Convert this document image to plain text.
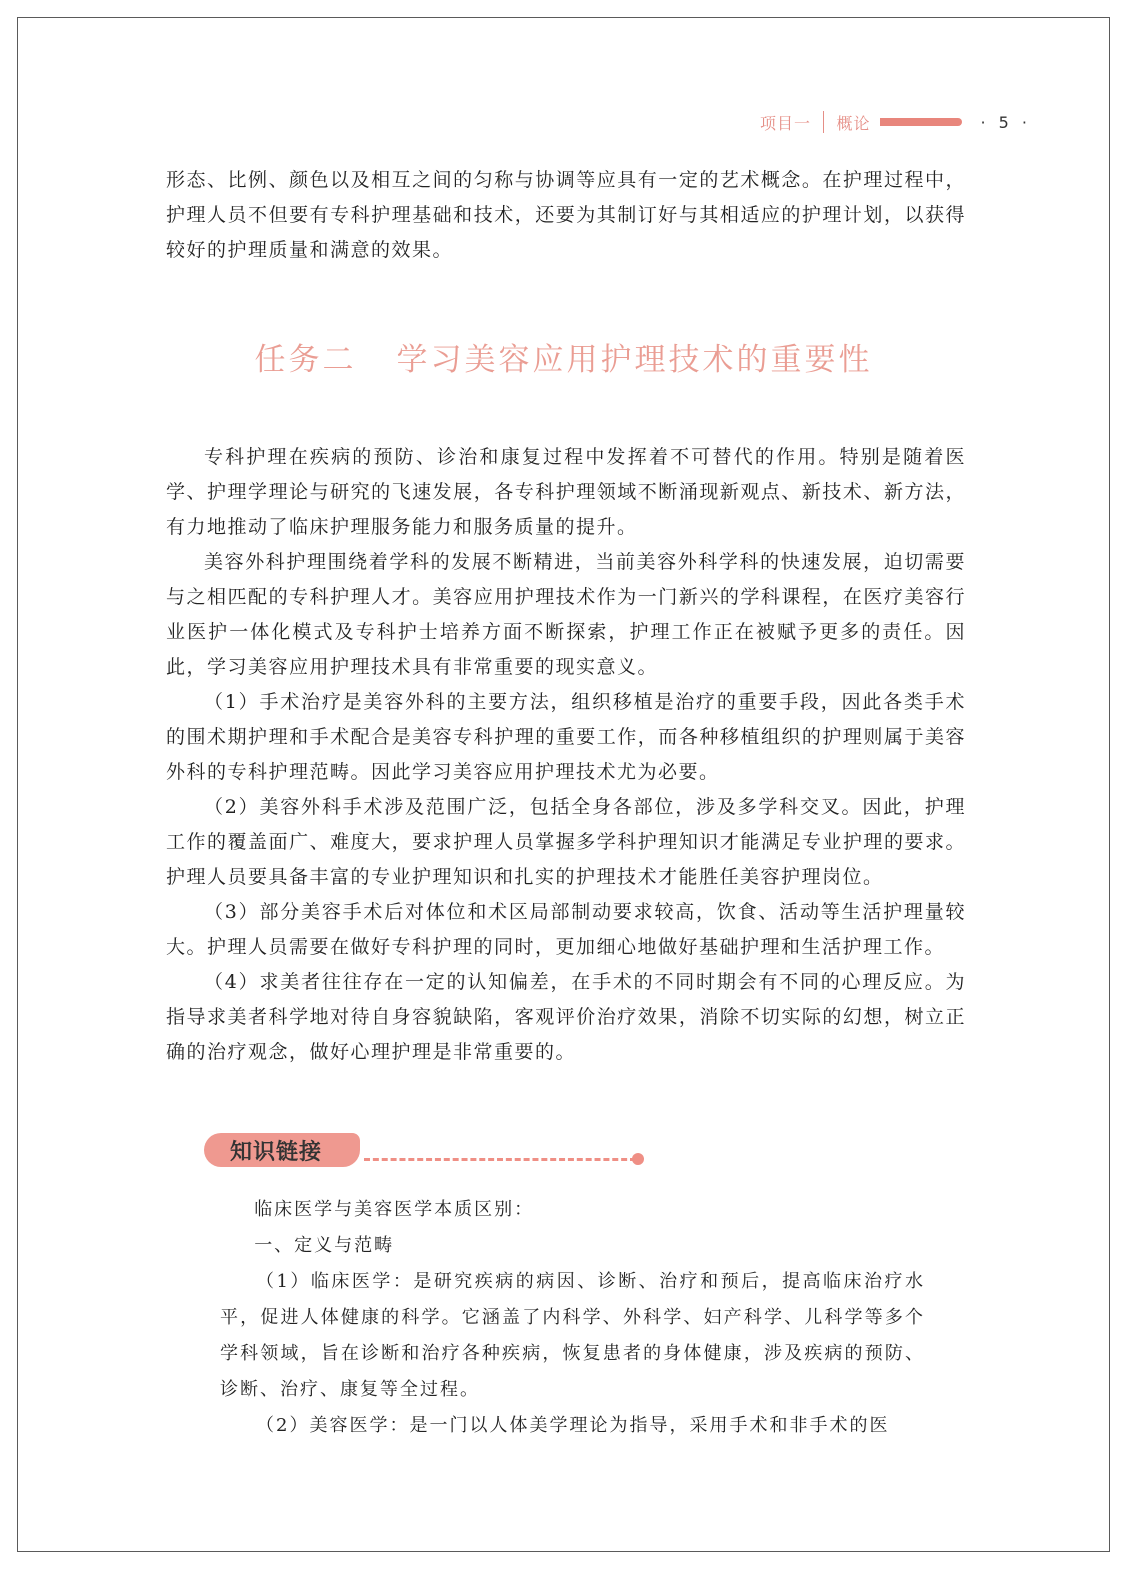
项目一 概论	· 5 ·

形态、比例、颜色以及相互之间的匀称与协调等应具有一定的艺术概念。在护理过程中，护理人员不但要有专科护理基础和技术，还要为其制订好与其相适应的护理计划，以获得较好的护理质量和满意的效果。

任务二 学习美容应用护理技术的重要性

专科护理在疾病的预防、诊治和康复过程中发挥着不可替代的作用。特别是随着医学、护理学理论与研究的飞速发展，各专科护理领域不断涌现新观点、新技术、新方法，有力地推动了临床护理服务能力和服务质量的提升。

美容外科护理围绕着学科的发展不断精进，当前美容外科学科的快速发展，迫切需要与之相匹配的专科护理人才。美容应用护理技术作为一门新兴的学科课程，在医疗美容行业医护一体化模式及专科护士培养方面不断探索，护理工作正在被赋予更多的责任。因此，学习美容应用护理技术具有非常重要的现实意义。

（1）手术治疗是美容外科的主要方法，组织移植是治疗的重要手段，因此各类手术的围术期护理和手术配合是美容专科护理的重要工作，而各种移植组织的护理则属于美容外科的专科护理范畴。因此学习美容应用护理技术尤为必要。

（2）美容外科手术涉及范围广泛，包括全身各部位，涉及多学科交叉。因此，护理工作的覆盖面广、难度大，要求护理人员掌握多学科护理知识才能满足专业护理的要求。护理人员要具备丰富的专业护理知识和扎实的护理技术才能胜任美容护理岗位。

（3）部分美容手术后对体位和术区局部制动要求较高，饮食、活动等生活护理量较大。护理人员需要在做好专科护理的同时，更加细心地做好基础护理和生活护理工作。

（4）求美者往往存在一定的认知偏差，在手术的不同时期会有不同的心理反应。为指导求美者科学地对待自身容貌缺陷，客观评价治疗效果，消除不切实际的幻想，树立正确的治疗观念，做好心理护理是非常重要的。

知识链接

临床医学与美容医学本质区别：

一、定义与范畴

（1）临床医学：是研究疾病的病因、诊断、治疗和预后，提高临床治疗水平，促进人体健康的科学。它涵盖了内科学、外科学、妇产科学、儿科学等多个学科领域，旨在诊断和治疗各种疾病，恢复患者的身体健康，涉及疾病的预防、诊断、治疗、康复等全过程。

（2）美容医学：是一门以人体美学理论为指导，采用手术和非手术的医
